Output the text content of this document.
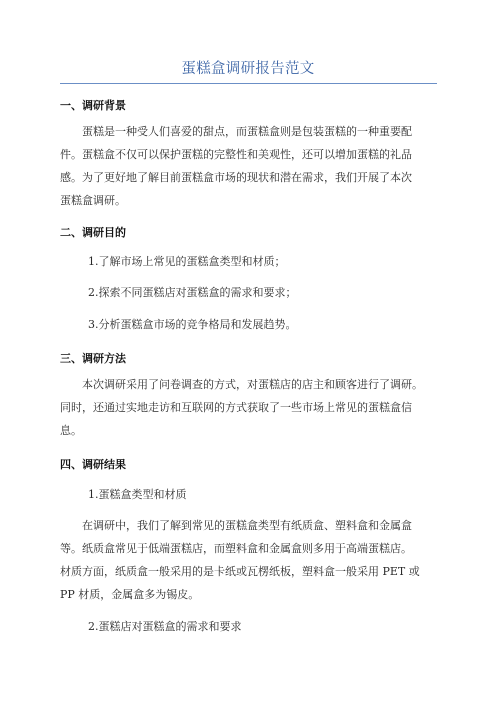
蛋糕盒调研报告范文
一、调研背景
蛋糕是一种受人们喜爱的甜点，而蛋糕盒则是包装蛋糕的一种重要配
件。蛋糕盒不仅可以保护蛋糕的完整性和美观性，还可以增加蛋糕的礼品
感。为了更好地了解目前蛋糕盒市场的现状和潜在需求，我们开展了本次
蛋糕盒调研。
二、调研目的
1.了解市场上常见的蛋糕盒类型和材质；
2.探索不同蛋糕店对蛋糕盒的需求和要求；
3.分析蛋糕盒市场的竞争格局和发展趋势。
三、调研方法
本次调研采用了问卷调查的方式，对蛋糕店的店主和顾客进行了调研。
同时，还通过实地走访和互联网的方式获取了一些市场上常见的蛋糕盒信
息。
四、调研结果
1.蛋糕盒类型和材质
在调研中，我们了解到常见的蛋糕盒类型有纸质盒、塑料盒和金属盒
等。纸质盒常见于低端蛋糕店，而塑料盒和金属盒则多用于高端蛋糕店。
材质方面，纸质盒一般采用的是卡纸或瓦楞纸板，塑料盒一般采用 PET 或
PP 材质，金属盒多为锡皮。
2.蛋糕店对蛋糕盒的需求和要求
